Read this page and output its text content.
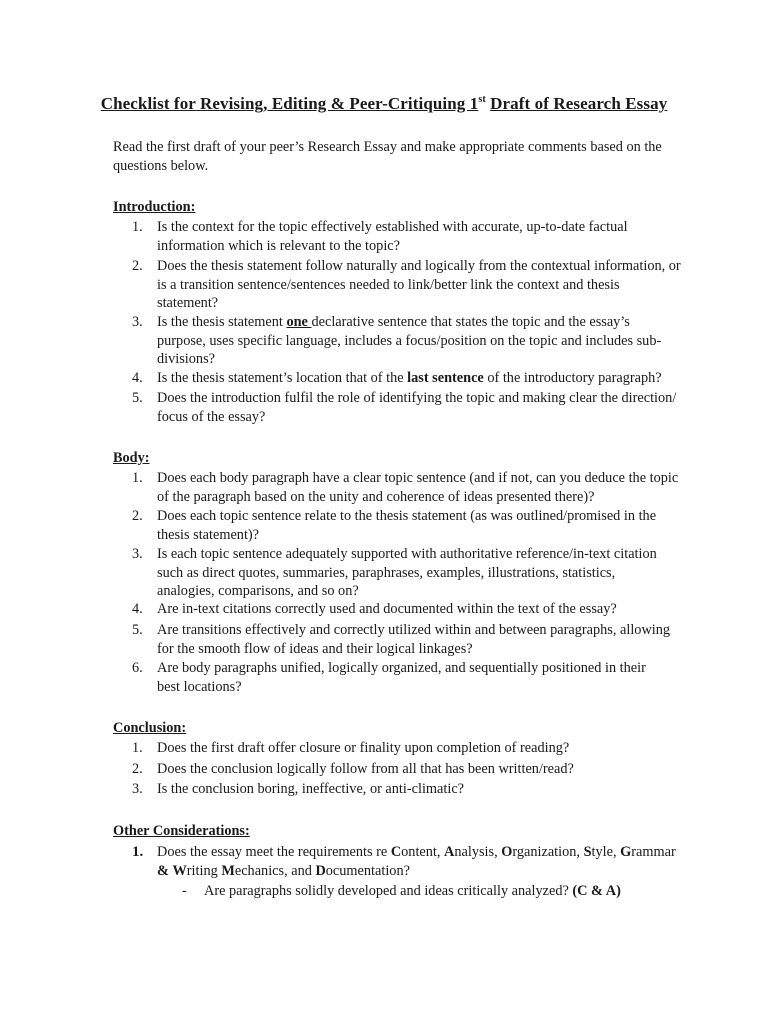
Checklist for Revising, Editing & Peer-Critiquing 1st Draft of Research Essay
Read the first draft of your peer’s Research Essay and make appropriate comments based on the questions below.
Introduction:
1. Is the context for the topic effectively established with accurate, up-to-date factual
information which is relevant to the topic?
2. Does the thesis statement follow naturally and logically from the contextual information, or
is a transition sentence/sentences needed to link/better link the context and thesis
statement?
3. Is the thesis statement one declarative sentence that states the topic and the essay’s
purpose, uses specific language, includes a focus/position on the topic and includes sub-
divisions?
4. Is the thesis statement’s location that of the last sentence of the introductory paragraph?
5. Does the introduction fulfil the role of identifying the topic and making clear the direction/
focus of the essay?
Body:
1. Does each body paragraph have a clear topic sentence (and if not, can you deduce the topic
of the paragraph based on the unity and coherence of ideas presented there)?
2. Does each topic sentence relate to the thesis statement (as was outlined/promised in the
thesis statement)?
3. Is each topic sentence adequately supported with authoritative reference/in-text citation
such as direct quotes, summaries, paraphrases, examples, illustrations, statistics,
analogies, comparisons, and so on?
4. Are in-text citations correctly used and documented within the text of the essay?
5. Are transitions effectively and correctly utilized within and between paragraphs, allowing
for the smooth flow of ideas and their logical linkages?
6. Are body paragraphs unified, logically organized, and sequentially positioned in their
best locations?
Conclusion:
1. Does the first draft offer closure or finality upon completion of reading?
2. Does the conclusion logically follow from all that has been written/read?
3. Is the conclusion boring, ineffective, or anti-climatic?
Other Considerations:
1. Does the essay meet the requirements re Content, Analysis, Organization, Style, Grammar
& Writing Mechanics, and Documentation?
- Are paragraphs solidly developed and ideas critically analyzed? (C & A)
